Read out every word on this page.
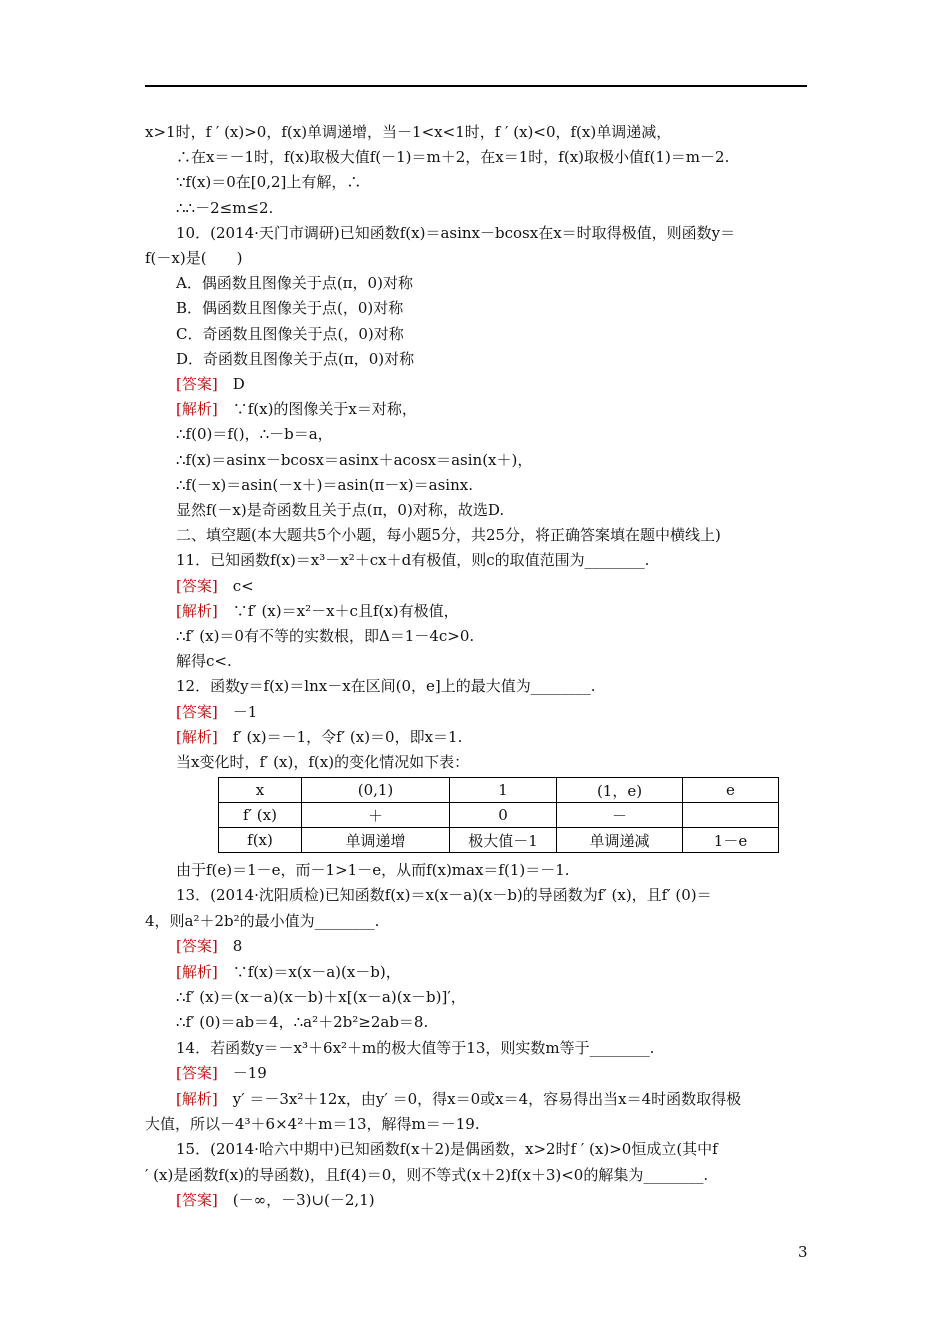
x>1时，f ′ (x)>0，f(x)单调递增，当－1<x<1时，f ′ (x)<0，f(x)单调递减，
∴在x＝－1时，f(x)取极大值f(－1)＝m＋2，在x＝1时，f(x)取极小值f(1)＝m－2.
∵f(x)＝0在[0,2]上有解，∴
∴∴－2≤m≤2.
10．(2014·天门市调研)已知函数f(x)＝asinx－bcosx在x＝时取得极值，则函数y＝
f(－x)是(　　)
A．偶函数且图像关于点(π，0)对称
B．偶函数且图像关于点(，0)对称
C．奇函数且图像关于点(，0)对称
D．奇函数且图像关于点(π，0)对称
[答案]　D
[解析]　∵f(x)的图像关于x＝对称，
∴f(0)＝f()，∴－b＝a，
∴f(x)＝asinx－bcosx＝asinx＋acosx＝asin(x＋)，
∴f(－x)＝asin(－x＋)＝asin(π－x)＝asinx.
显然f(－x)是奇函数且关于点(π，0)对称，故选D.
二、填空题(本大题共5个小题，每小题5分，共25分，将正确答案填在题中横线上)
11．已知函数f(x)＝x³－x²＋cx＋d有极值，则c的取值范围为________.
[答案]　c<
[解析]　∵f′ (x)＝x²－x＋c且f(x)有极值，
∴f′ (x)＝0有不等的实数根，即Δ＝1－4c>0.
解得c<.
12．函数y＝f(x)＝lnx－x在区间(0，e]上的最大值为________.
[答案]　－1
[解析]　f′ (x)＝－1，令f′ (x)＝0，即x＝1.
当x变化时，f′ (x)，f(x)的变化情况如下表：
x	(0,1)	1	(1，e)	e
f′ (x)	＋	0	－	
f(x)	单调递增	极大值－1	单调递减	1－e
由于f(e)＝1－e，而－1>1－e，从而f(x)max＝f(1)＝－1.
13．(2014·沈阳质检)已知函数f(x)＝x(x－a)(x－b)的导函数为f′ (x)，且f′ (0)＝
4，则a²＋2b²的最小值为________.
[答案]　8
[解析]　∵f(x)＝x(x－a)(x－b)，
∴f′ (x)＝(x－a)(x－b)＋x[(x－a)(x－b)]′，
∴f′ (0)＝ab＝4，∴a²＋2b²≥2ab＝8.
14．若函数y＝－x³＋6x²＋m的极大值等于13，则实数m等于________.
[答案]　－19
[解析]　y′ ＝－3x²＋12x，由y′ ＝0，得x＝0或x＝4，容易得出当x＝4时函数取得极
大值，所以－4³＋6×4²＋m＝13，解得m＝－19.
15．(2014·哈六中期中)已知函数f(x＋2)是偶函数，x>2时f ′ (x)>0恒成立(其中f
′ (x)是函数f(x)的导函数)，且f(4)＝0，则不等式(x＋2)f(x＋3)<0的解集为________.
[答案]　(－∞，－3)∪(－2,1)
3
